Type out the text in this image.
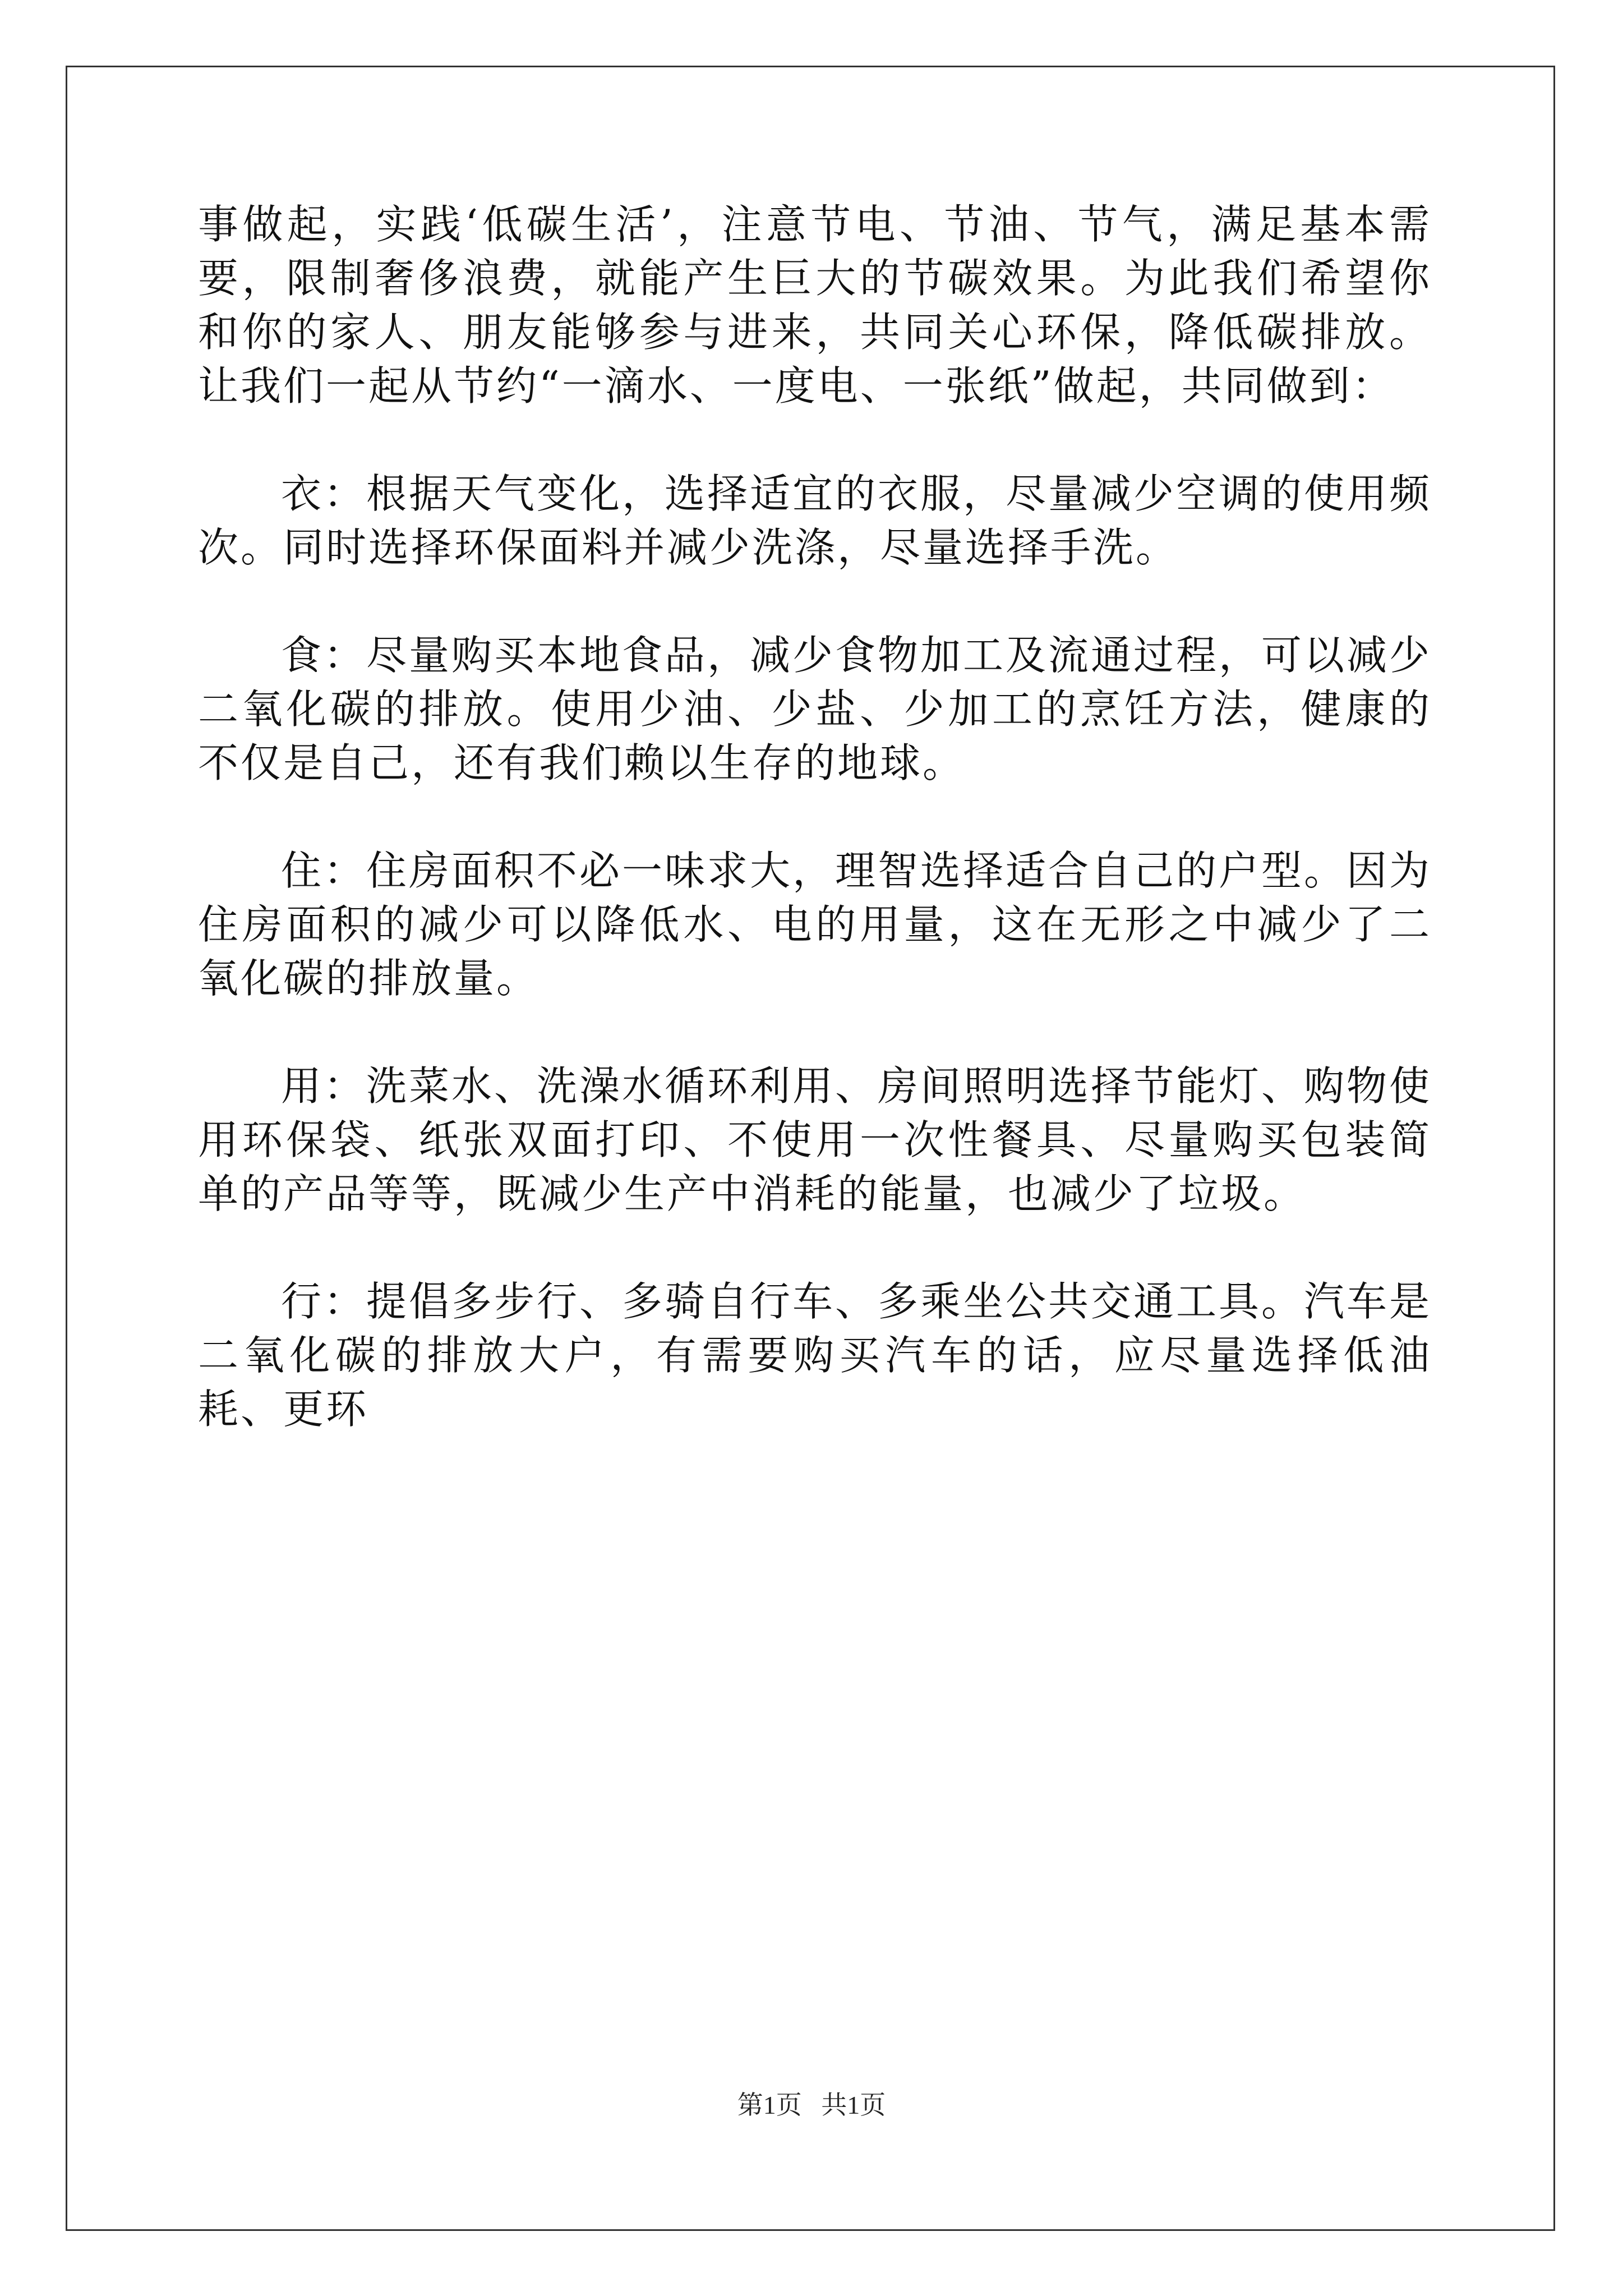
事做起，实践‘低碳生活’，注意节电、节油、节气，满足基本需要，限制奢侈浪费，就能产生巨大的节碳效果。为此我们希望你和你的家人、朋友能够参与进来，共同关心环保，降低碳排放。让我们一起从节约“一滴水、一度电、一张纸”做起，共同做到：

衣：根据天气变化，选择适宜的衣服，尽量减少空调的使用频次。同时选择环保面料并减少洗涤，尽量选择手洗。

食：尽量购买本地食品，减少食物加工及流通过程，可以减少二氧化碳的排放。使用少油、少盐、少加工的烹饪方法，健康的不仅是自己，还有我们赖以生存的地球。

住：住房面积不必一味求大，理智选择适合自己的户型。因为住房面积的减少可以降低水、电的用量，这在无形之中减少了二氧化碳的排放量。

用：洗菜水、洗澡水循环利用、房间照明选择节能灯、购物使用环保袋、纸张双面打印、不使用一次性餐具、尽量购买包装简单的产品等等，既减少生产中消耗的能量，也减少了垃圾。

行：提倡多步行、多骑自行车、多乘坐公共交通工具。汽车是二氧化碳的排放大户，有需要购买汽车的话，应尽量选择低油耗、更环

第1页   共1页
